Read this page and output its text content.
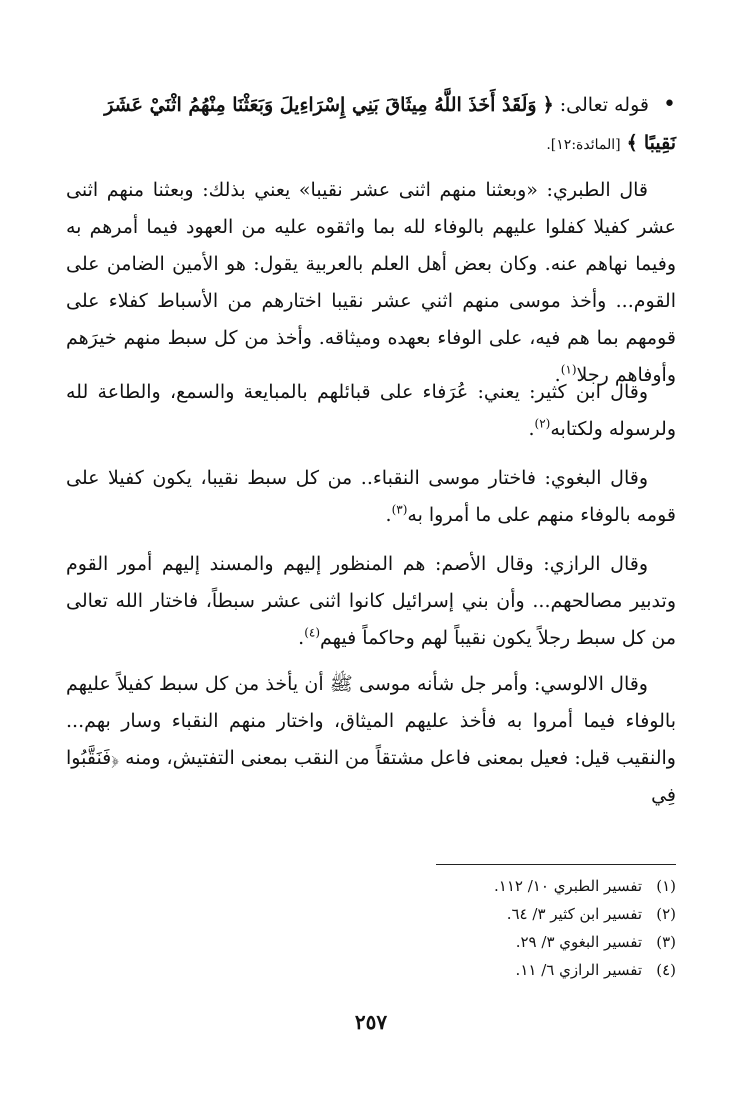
• قوله تعالى: ﴿ وَلَقَدْ أَخَذَ اللَّهُ مِيثَاقَ بَنِي إِسْرَاءِيلَ وَبَعَثْنَا مِنْهُمُ اثْنَيْ عَشَرَ نَقِيبًا ﴾ [المائدة:١٢].

قال الطبري: «وبعثنا منهم اثنى عشر نقيبا» يعني بذلك: وبعثنا منهم اثنى عشر كفيلا كفلوا عليهم بالوفاء لله بما واثقوه عليه من العهود فيما أمرهم به وفيما نهاهم عنه. وكان بعض أهل العلم بالعربية يقول: هو الأمين الضامن على القوم... وأخذ موسى منهم اثني عشر نقيبا اختارهم من الأسباط كفلاء على قومهم بما هم فيه، على الوفاء بعهده وميثاقه. وأخذ من كل سبط منهم خيرَهم وأوفاهم رجلا$^{(١)}$.

وقال ابن كثير: يعني: عُرَفاء على قبائلهم بالمبايعة والسمع، والطاعة لله ولرسوله ولكتابه$^{(٢)}$.

وقال البغوي: فاختار موسى النقباء.. من كل سبط نقيبا، يكون كفيلا على قومه بالوفاء منهم على ما أمروا به$^{(٣)}$.

وقال الرازي: وقال الأصم: هم المنظور إليهم والمسند إليهم أمور القوم وتدبير مصالحهم... وأن بني إسرائيل كانوا اثنى عشر سبطاً، فاختار الله تعالى من كل سبط رجلاً يكون نقيباً لهم وحاكماً فيهم$^{(٤)}$.

وقال الالوسي: وأمر جل شأنه موسى ﷺ أن يأخذ من كل سبط كفيلاً عليهم بالوفاء فيما أمروا به فأخذ عليهم الميثاق، واختار منهم النقباء وسار بهم... والنقيب قيل: فعيل بمعنى فاعل مشتقاً من النقب بمعنى التفتيش، ومنه ﴿فَنَقَّبُوا فِي

(١)تفسير الطبري ١٠/ ١١٢.
(٢)تفسير ابن كثير ٣/ ٦٤.
(٣)تفسير البغوي ٣/ ٢٩.
(٤)تفسير الرازي ٦/ ١١.
٢٥٧
